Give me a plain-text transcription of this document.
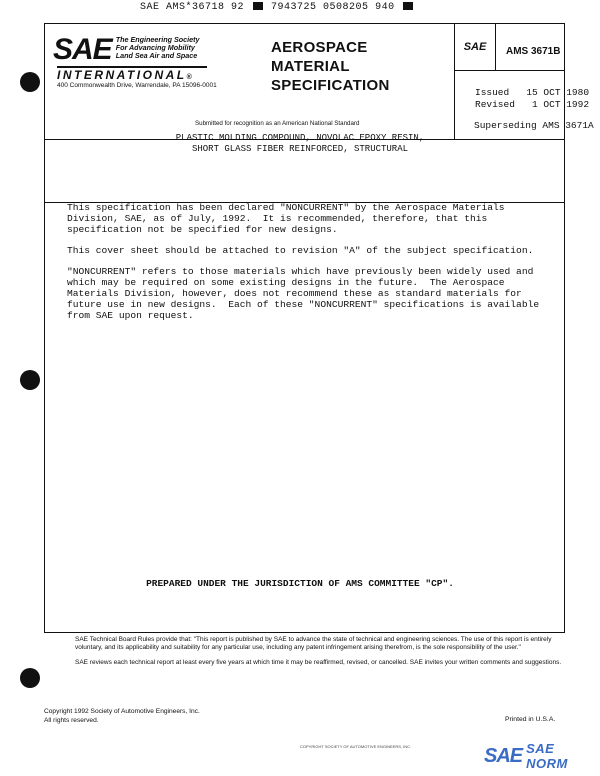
SAE AMS*36718 92	7943725 0508205 940
SAE The Engineering Society
For Advancing Mobility
Land Sea Air and Space
INTERNATIONAL®
400 Commonwealth Drive, Warrendale, PA 15096-0001
Submitted for recognition as an American National Standard
AEROSPACE
MATERIAL
SPECIFICATION
SAE	AMS 3671B
Issued   15 OCT 1980
Revised   1 OCT 1992
Superseding AMS 3671A
PLASTIC MOLDING COMPOUND, NOVOLAC EPOXY RESIN,
SHORT GLASS FIBER REINFORCED, STRUCTURAL

This specification has been declared "NONCURRENT" by the Aerospace Materials
Division, SAE, as of July, 1992.  It is recommended, therefore, that this
specification not be specified for new designs.

This cover sheet should be attached to revision "A" of the subject specification.

"NONCURRENT" refers to those materials which have previously been widely used and
which may be required on some existing designs in the future.  The Aerospace
Materials Division, however, does not recommend these as standard materials for
future use in new designs.  Each of these "NONCURRENT" specifications is available
from SAE upon request.

PREPARED UNDER THE JURISDICTION OF AMS COMMITTEE "CP".

SAE Technical Board Rules provide that: "This report is published by SAE to advance the state of technical and engineering sciences. The use of this report is entirely voluntary, and its applicability and suitability for any particular use, including any patent infringement arising therefrom, is the sole responsibility of the user."

SAE reviews each technical report at least every five years at which time it may be reaffirmed, revised, or cancelled. SAE invites your written comments and suggestions.

Copyright 1992 Society of Automotive Engineers, Inc.
All rights reserved.	Printed in U.S.A.
COPYRIGHT SOCIETY OF AUTOMOTIVE ENGINEERS, INC.	SAE SAE NORM
